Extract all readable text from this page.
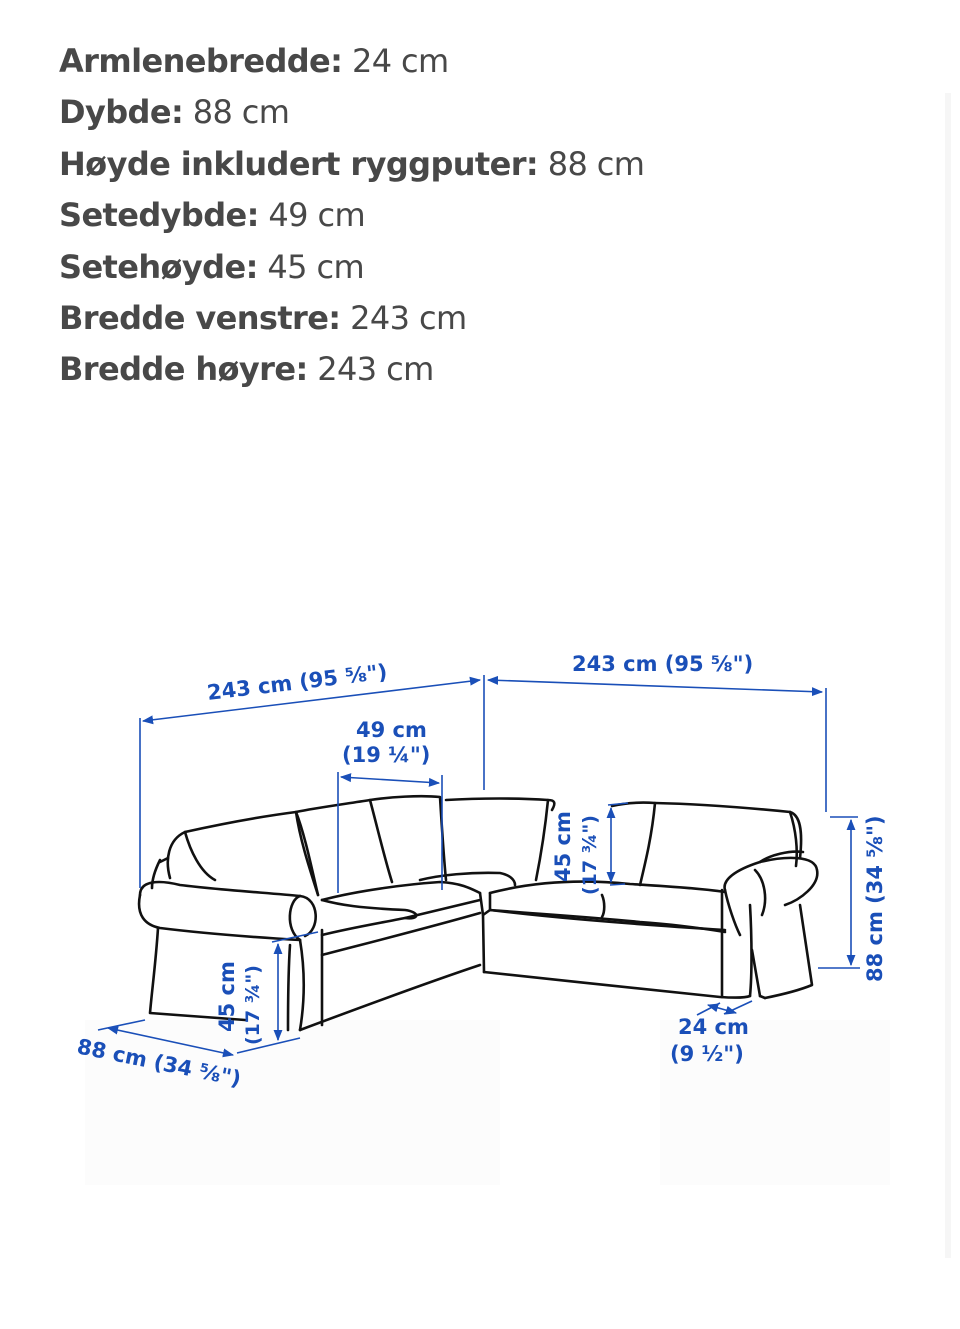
Armlenebredde: 24 cm
Dybde: 88 cm
Høyde inkludert ryggputer: 88 cm
Setedybde: 49 cm
Setehøyde: 45 cm
Bredde venstre: 243 cm
Bredde høyre: 243 cm
243 cm (95 ⅝")	243 cm (95 ⅝")
49 cm
(19 ¼")
45 cm (17 ¾")	88 cm (34 ⅝")
45 cm (17 ¾")
88 cm (34 ⅝")
24 cm
(9 ½")
